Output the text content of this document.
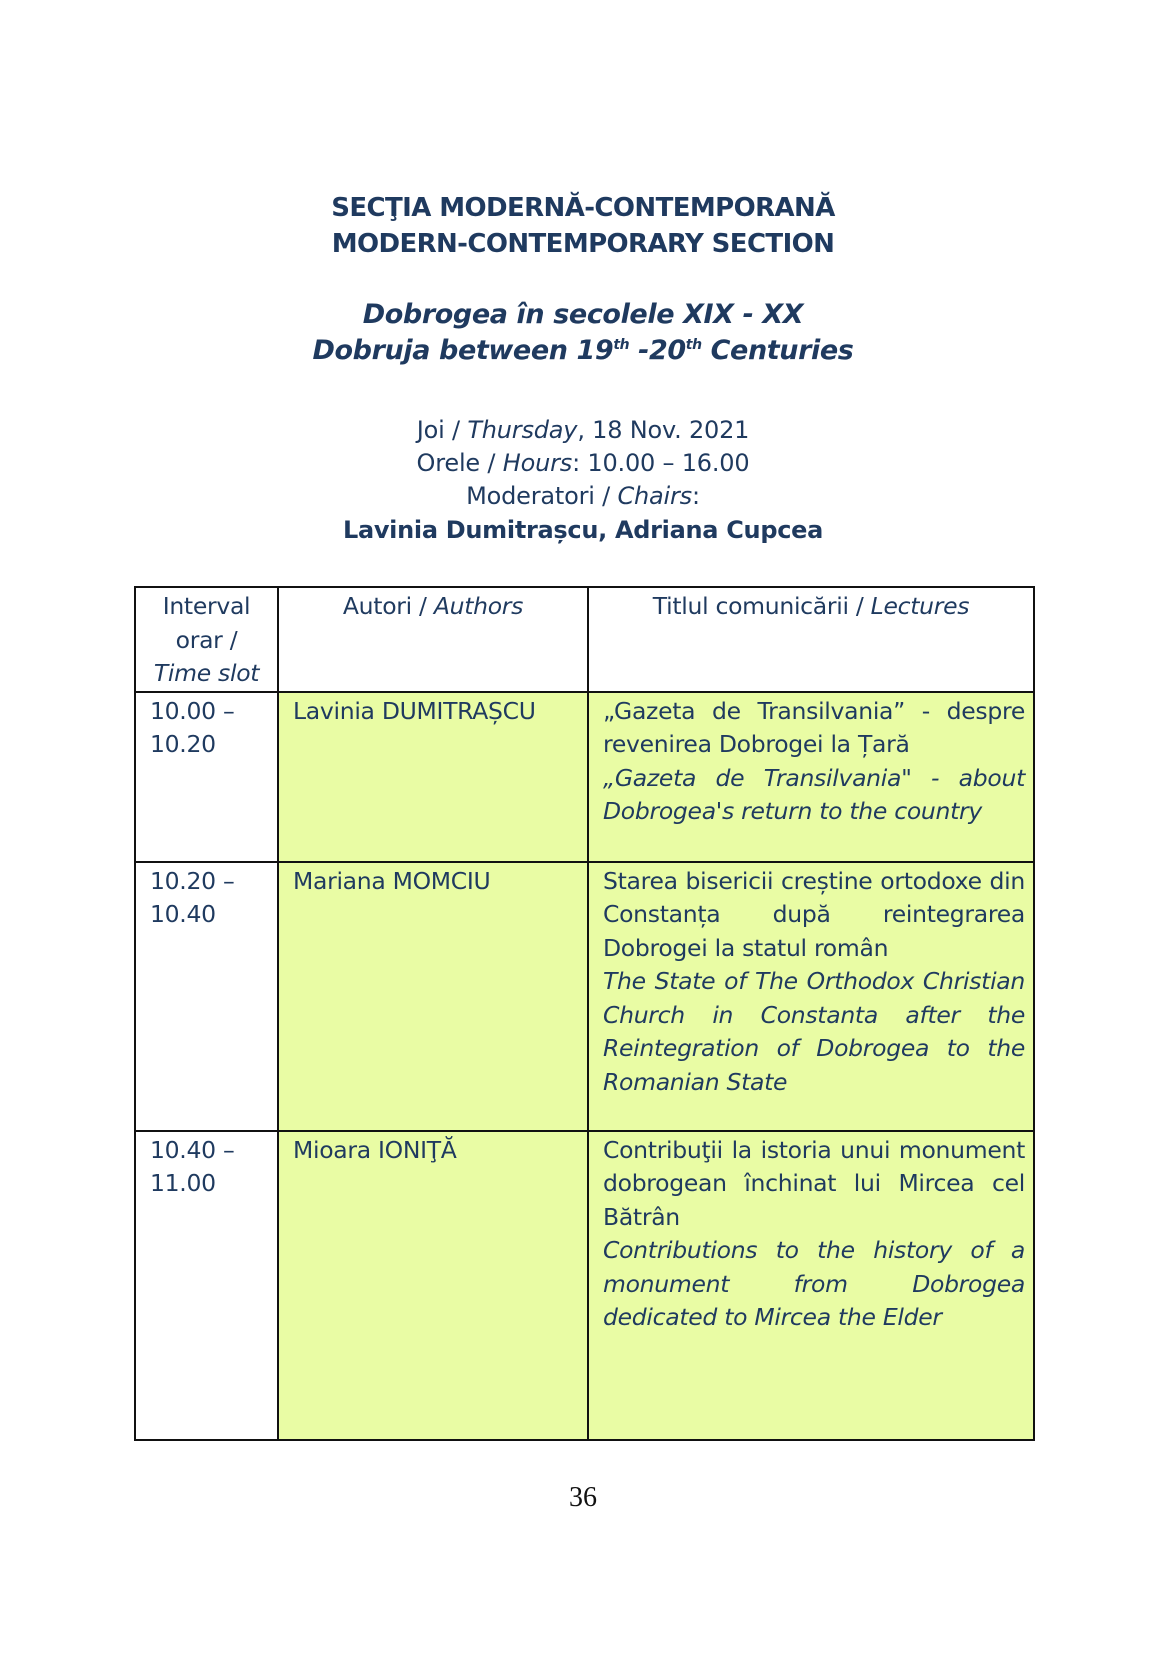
SECŢIA MODERNĂ-CONTEMPORANĂ
MODERN-CONTEMPORARY SECTION
Dobrogea în secolele XIX - XX
Dobruja between 19th -20th Centuries
Joi / Thursday, 18 Nov. 2021
Orele / Hours: 10.00 – 16.00
Moderatori / Chairs:
Lavinia Dumitrașcu, Adriana Cupcea
Interval orar / Time slot	Autori / Authors	Titlul comunicării / Lectures
10.00 – 10.20	Lavinia DUMITRAȘCU	„Gazeta de Transilvania” - despre revenirea Dobrogei la Țară
„Gazeta de Transilvania" - about Dobrogea's return to the country

10.20 – 10.40	Mariana MOMCIU	Starea bisericii creștine ortodoxe din Constanța după reintegrarea Dobrogei la statul român
The State of The Orthodox Christian Church in Constanta after the Reintegration of Dobrogea to the Romanian State

10.40 – 11.00	Mioara IONIŢĂ	Contribuţii la istoria unui monument dobrogean închinat lui Mircea cel Bătrân
Contributions to the history of a monument from Dobrogea dedicated to Mircea the Elder
36
